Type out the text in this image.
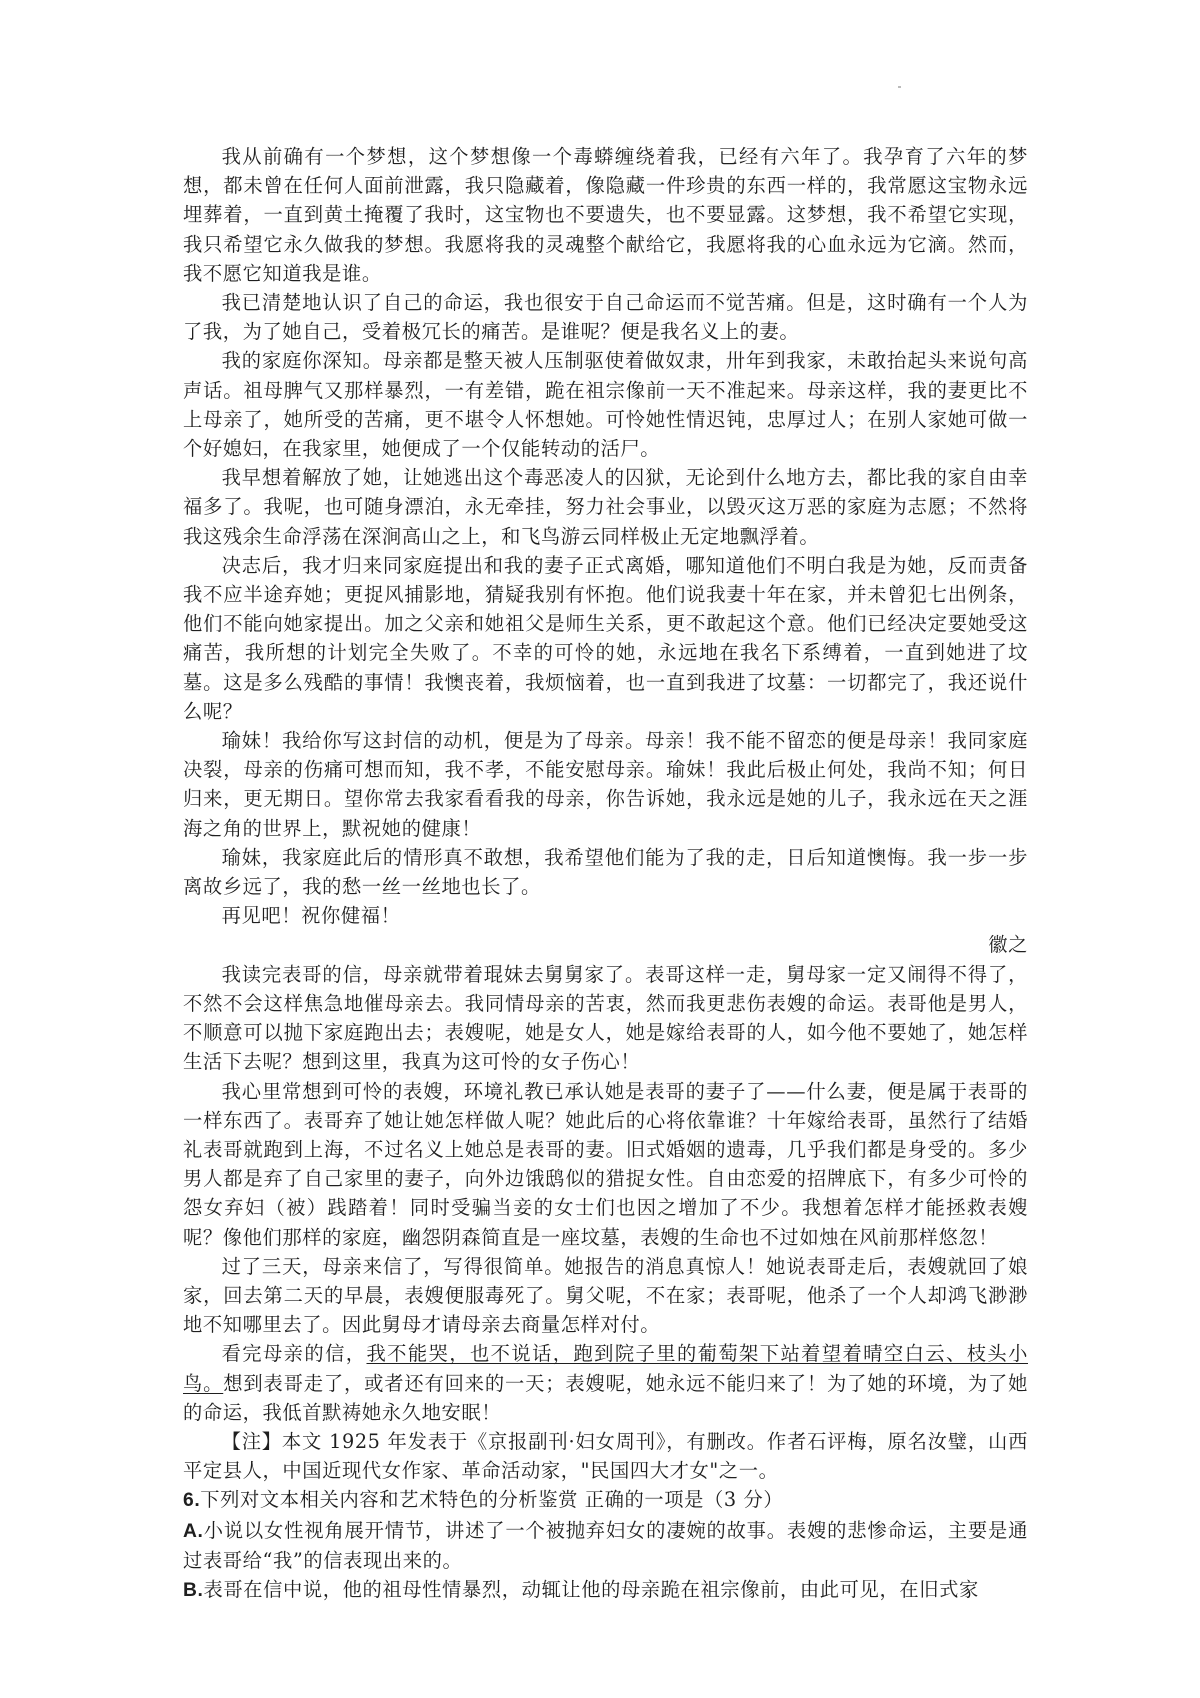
我从前确有一个梦想，这个梦想像一个毒蟒缠绕着我，已经有六年了。我孕育了六年的梦想，都未曾在任何人面前泄露，我只隐藏着，像隐藏一件珍贵的东西一样的，我常愿这宝物永远埋葬着，一直到黄土掩覆了我时，这宝物也不要遗失，也不要显露。这梦想，我不希望它实现，我只希望它永久做我的梦想。我愿将我的灵魂整个献给它，我愿将我的心血永远为它滴。然而，我不愿它知道我是谁。

我已清楚地认识了自己的命运，我也很安于自己命运而不觉苦痛。但是，这时确有一个人为了我，为了她自己，受着极冗长的痛苦。是谁呢？便是我名义上的妻。

我的家庭你深知。母亲都是整天被人压制驱使着做奴隶，卅年到我家，未敢抬起头来说句高声话。祖母脾气又那样暴烈，一有差错，跪在祖宗像前一天不准起来。母亲这样，我的妻更比不上母亲了，她所受的苦痛，更不堪令人怀想她。可怜她性情迟钝，忠厚过人；在别人家她可做一个好媳妇，在我家里，她便成了一个仅能转动的活尸。

我早想着解放了她，让她逃出这个毒恶凌人的囚狱，无论到什么地方去，都比我的家自由幸福多了。我呢，也可随身漂泊，永无牵挂，努力社会事业，以毁灭这万恶的家庭为志愿；不然将我这残余生命浮荡在深涧高山之上，和飞鸟游云同样极止无定地飘浮着。

决志后，我才归来同家庭提出和我的妻子正式离婚，哪知道他们不明白我是为她，反而责备我不应半途弃她；更捉风捕影地，猜疑我别有怀抱。他们说我妻十年在家，并未曾犯七出例条，他们不能向她家提出。加之父亲和她祖父是师生关系，更不敢起这个意。他们已经决定要她受这痛苦，我所想的计划完全失败了。不幸的可怜的她，永远地在我名下系缚着，一直到她进了坟墓。这是多么残酷的事情！我懊丧着，我烦恼着，也一直到我进了坟墓：一切都完了，我还说什么呢？

瑜妹！我给你写这封信的动机，便是为了母亲。母亲！我不能不留恋的便是母亲！我同家庭决裂，母亲的伤痛可想而知，我不孝，不能安慰母亲。瑜妹！我此后极止何处，我尚不知；何日归来，更无期日。望你常去我家看看我的母亲，你告诉她，我永远是她的儿子，我永远在天之涯海之角的世界上，默祝她的健康！

瑜妹，我家庭此后的情形真不敢想，我希望他们能为了我的走，日后知道懊悔。我一步一步离故乡远了，我的愁一丝一丝地也长了。

再见吧！祝你健福！

徽之

我读完表哥的信，母亲就带着琨妹去舅舅家了。表哥这样一走，舅母家一定又闹得不得了，不然不会这样焦急地催母亲去。我同情母亲的苦衷，然而我更悲伤表嫂的命运。表哥他是男人，不顺意可以抛下家庭跑出去；表嫂呢，她是女人，她是嫁给表哥的人，如今他不要她了，她怎样生活下去呢？想到这里，我真为这可怜的女子伤心！

我心里常想到可怜的表嫂，环境礼教已承认她是表哥的妻子了——什么妻，便是属于表哥的一样东西了。表哥弃了她让她怎样做人呢？她此后的心将依靠谁？十年嫁给表哥，虽然行了结婚礼表哥就跑到上海，不过名义上她总是表哥的妻。旧式婚姻的遗毒，几乎我们都是身受的。多少男人都是弃了自己家里的妻子，向外边饿鸱似的猎捉女性。自由恋爱的招牌底下，有多少可怜的怨女弃妇（被）践踏着！同时受骗当妾的女士们也因之增加了不少。我想着怎样才能拯救表嫂呢？像他们那样的家庭，幽怨阴森简直是一座坟墓，表嫂的生命也不过如烛在风前那样悠忽！

过了三天，母亲来信了，写得很简单。她报告的消息真惊人！她说表哥走后，表嫂就回了娘家，回去第二天的早晨，表嫂便服毒死了。舅父呢，不在家；表哥呢，他杀了一个人却鸿飞渺渺地不知哪里去了。因此舅母才请母亲去商量怎样对付。

看完母亲的信，我不能哭，也不说话，跑到院子里的葡萄架下站着望着晴空白云、枝头小鸟。想到表哥走了，或者还有回来的一天；表嫂呢，她永远不能归来了！为了她的环境，为了她的命运，我低首默祷她永久地安眠！

【注】本文 1925 年发表于《京报副刊·妇女周刊》，有删改。作者石评梅，原名汝璧，山西平定县人，中国近现代女作家、革命活动家，"民国四大才女"之一。

6.下列对文本相关内容和艺术特色的分析鉴赏 正确的一项是（3 分）

A.小说以女性视角展开情节，讲述了一个被抛弃妇女的凄婉的故事。表嫂的悲惨命运，主要是通过表哥给“我”的信表现出来的。

B.表哥在信中说，他的祖母性情暴烈，动辄让他的母亲跪在祖宗像前，由此可见，在旧式家
